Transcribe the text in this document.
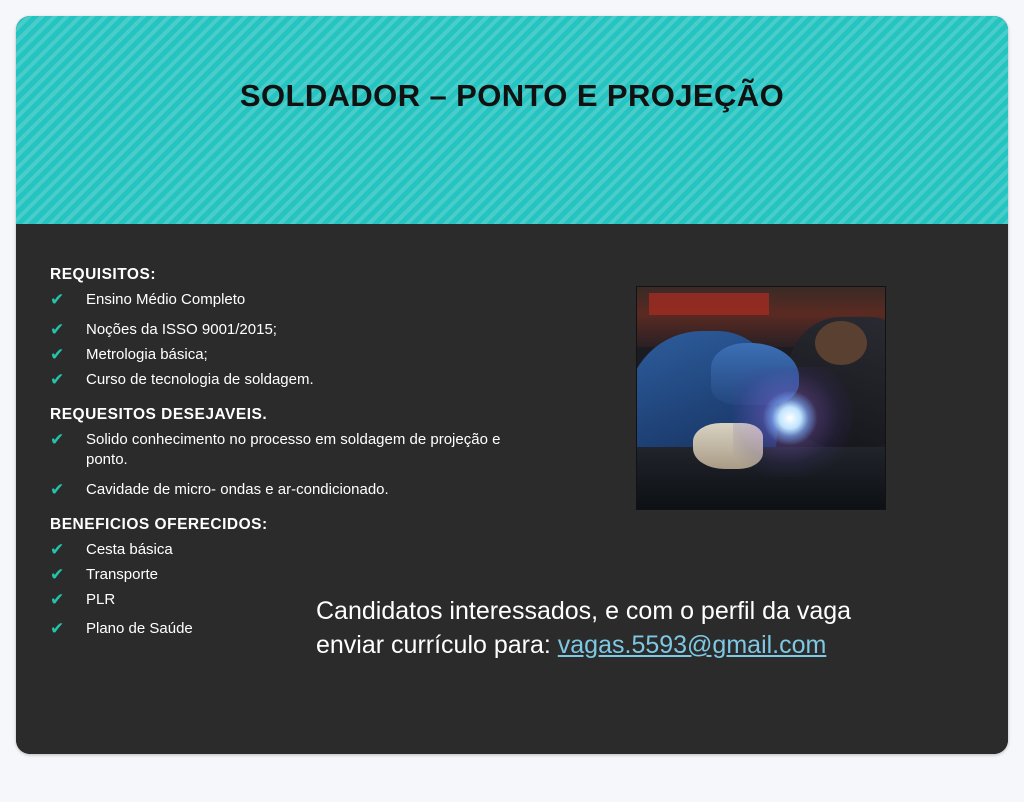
SOLDADOR – PONTO E PROJEÇÃO
REQUISITOS:
✔	Ensino Médio Completo
✔	Noções da ISSO 9001/2015;
✔	Metrologia básica;
✔	Curso de tecnologia de soldagem.
REQUESITOS DESEJAVEIS.
✔	Solido conhecimento no processo em soldagem de projeção e ponto.
✔	Cavidade de micro- ondas e ar-condicionado.
BENEFICIOS OFERECIDOS:
✔	Cesta básica
✔	Transporte
✔	PLR
✔	Plano de Saúde
Candidatos interessados, e com o perfil da vaga
enviar currículo para: vagas.5593@gmail.com
